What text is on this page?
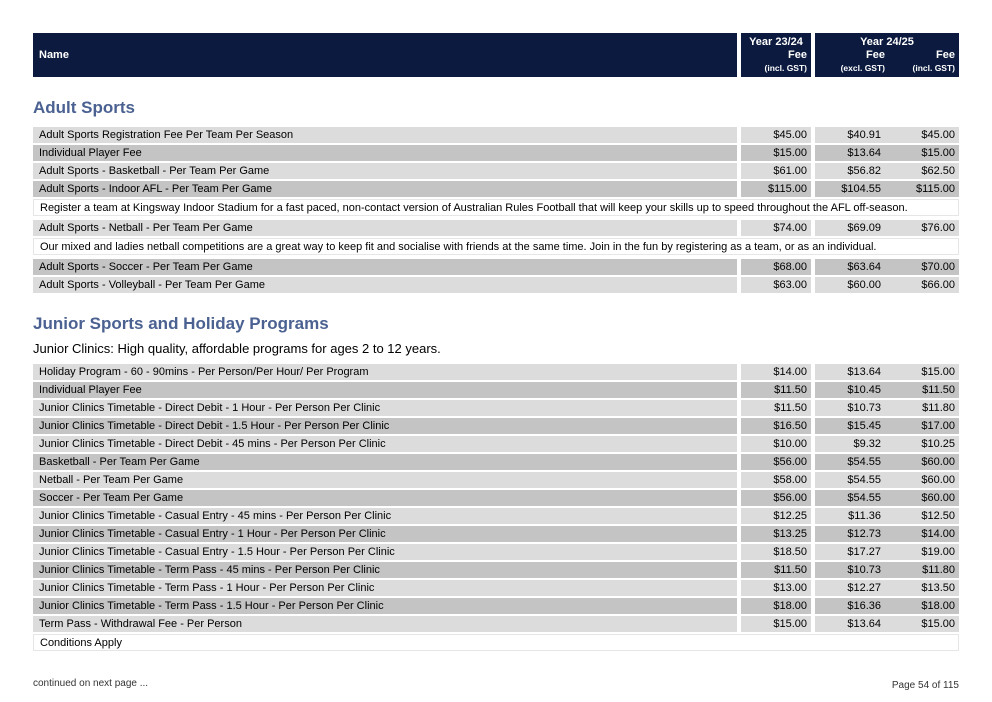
Name
Year 23/24
Fee
(incl. GST)
Year 24/25
Fee	Fee
(excl. GST)	(incl. GST)
Adult Sports
Adult Sports Registration Fee Per Team Per Season	$45.00	$40.91	$45.00
Individual Player Fee	$15.00	$13.64	$15.00
Adult Sports - Basketball - Per Team Per Game	$61.00	$56.82	$62.50
Adult Sports - Indoor AFL - Per Team Per Game	$115.00	$104.55	$115.00
Register a team at Kingsway Indoor Stadium for a fast paced, non-contact version of Australian Rules Football that will keep your skills up to speed throughout the AFL off-season.
Adult Sports - Netball - Per Team Per Game	$74.00	$69.09	$76.00
Our mixed and ladies netball competitions are a great way to keep fit and socialise with friends at the same time. Join in the fun by registering as a team, or as an individual.
Adult Sports - Soccer - Per Team Per Game	$68.00	$63.64	$70.00
Adult Sports - Volleyball - Per Team Per Game	$63.00	$60.00	$66.00
Junior Sports and Holiday Programs
Junior Clinics: High quality, affordable programs for ages 2 to 12 years.
Holiday Program - 60 - 90mins - Per Person/Per Hour/ Per Program	$14.00	$13.64	$15.00
Individual Player Fee	$11.50	$10.45	$11.50
Junior Clinics Timetable - Direct Debit - 1 Hour - Per Person Per Clinic	$11.50	$10.73	$11.80
Junior Clinics Timetable - Direct Debit - 1.5 Hour - Per Person Per Clinic	$16.50	$15.45	$17.00
Junior Clinics Timetable - Direct Debit - 45 mins - Per Person Per Clinic	$10.00	$9.32	$10.25
Basketball - Per Team Per Game	$56.00	$54.55	$60.00
Netball - Per Team Per Game	$58.00	$54.55	$60.00
Soccer - Per Team Per Game	$56.00	$54.55	$60.00
Junior Clinics Timetable - Casual Entry - 45 mins - Per Person Per Clinic	$12.25	$11.36	$12.50
Junior Clinics Timetable - Casual Entry - 1 Hour - Per Person Per Clinic	$13.25	$12.73	$14.00
Junior Clinics Timetable - Casual Entry - 1.5 Hour - Per Person Per Clinic	$18.50	$17.27	$19.00
Junior Clinics Timetable - Term Pass - 45 mins - Per Person Per Clinic	$11.50	$10.73	$11.80
Junior Clinics Timetable - Term Pass - 1 Hour - Per Person Per Clinic	$13.00	$12.27	$13.50
Junior Clinics Timetable - Term Pass - 1.5 Hour - Per Person Per Clinic	$18.00	$16.36	$18.00
Term Pass - Withdrawal Fee - Per Person	$15.00	$13.64	$15.00
Conditions Apply
continued on next page ...	Page 54 of 115
